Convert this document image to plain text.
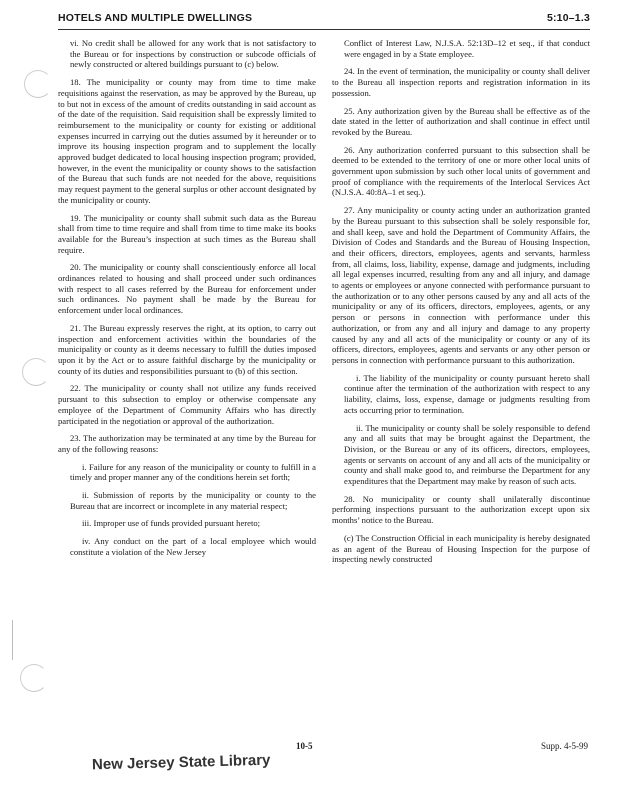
HOTELS AND MULTIPLE DWELLINGS	5:10–1.3

vi. No credit shall be allowed for any work that is not satisfactory to the Bureau or for inspections by construction or subcode officials of newly constructed or altered buildings pursuant to (c) below.

18. The municipality or county may from time to time make requisitions against the reservation, as may be approved by the Bureau, up to but not in excess of the amount of credits outstanding in said account as of the date of the requisition. Said requisition shall be expressly limited to reimbursement to the municipality or county for existing or additional expenses incurred in carrying out the duties assumed by it hereunder or to improve its housing inspection program and to supplement the locally approved budget dedicated to local housing inspection program; provided, however, in the event the municipality or county shows to the satisfaction of the Bureau that such funds are not needed for the above, requisitions may request payment to the general surplus or other account designated by the municipality or county.

19. The municipality or county shall submit such data as the Bureau shall from time to time require and shall from time to time make its books available for the Bureau’s inspection at such times as the Bureau shall require.

20. The municipality or county shall conscientiously enforce all local ordinances related to housing and shall proceed under such ordinances with respect to all cases referred by the Bureau for enforcement under such ordinances. No payment shall be made by the Bureau for enforcement under local ordinances.

21. The Bureau expressly reserves the right, at its option, to carry out inspection and enforcement activities within the boundaries of the municipality or county as it deems necessary to fulfill the duties imposed upon it by the Act or to assure faithful discharge by the municipality or county of its duties and responsibilities pursuant to (b) of this section.

22. The municipality or county shall not utilize any funds received pursuant to this subsection to employ or otherwise compensate any employee of the Department of Community Affairs who has directly participated in the negotiation or approval of the authorization.

23. The authorization may be terminated at any time by the Bureau for any of the following reasons:

i. Failure for any reason of the municipality or county to fulfill in a timely and proper manner any of the conditions herein set forth;

ii. Submission of reports by the municipality or county to the Bureau that are incorrect or incomplete in any material respect;

iii. Improper use of funds provided pursuant hereto;

iv. Any conduct on the part of a local employee which would constitute a violation of the New Jersey

Conflict of Interest Law, N.J.S.A. 52:13D–12 et seq., if that conduct were engaged in by a State employee.

24. In the event of termination, the municipality or county shall deliver to the Bureau all inspection reports and registration information in its possession.

25. Any authorization given by the Bureau shall be effective as of the date stated in the letter of authorization and shall continue in effect until revoked by the Bureau.

26. Any authorization conferred pursuant to this subsection shall be deemed to be extended to the territory of one or more other local units of government upon submission by such other local units of government and proof of compliance with the requirements of the Interlocal Services Act (N.J.S.A. 40:8A–1 et seq.).

27. Any municipality or county acting under an authorization granted by the Bureau pursuant to this subsection shall be solely responsible for, and shall keep, save and hold the Department of Community Affairs, the Division of Codes and Standards and the Bureau of Housing Inspection, and their officers, directors, employees, agents and servants, harmless from, all claims, loss, liability, expense, damage and judgments, including all legal expenses incurred, resulting from any and all injury, and damage to agents or employees or anyone connected with performance pursuant to the authorization or to any other persons caused by any and all acts of the municipality or any of its officers, directors, employees, agents, or any person or persons in connection with performance under this authorization, or from any and all injury and damage to any property caused by any and all acts of the municipality or county or any of its officers, directors, employees, agents and servants or any other person or persons in connection with performance pursuant to this authorization.

i. The liability of the municipality or county pursuant hereto shall continue after the termination of the authorization with respect to any liability, claims, loss, expense, damage or judgments resulting from acts occurring prior to termination.

ii. The municipality or county shall be solely responsible to defend any and all suits that may be brought against the Department, the Division, or the Bureau or any of its officers, directors, employees, agents or servants on account of any and all acts of the municipality or county and shall make good to, and reimburse the Department for any expenditures that the Department may make by reason of such acts.

28. No municipality or county shall unilaterally discontinue performing inspections pursuant to the authorization except upon six months’ notice to the Bureau.

(c) The Construction Official in each municipality is hereby designated as an agent of the Bureau of Housing Inspection for the purpose of inspecting newly constructed

10-5	Supp. 4-5-99
New Jersey State Library
